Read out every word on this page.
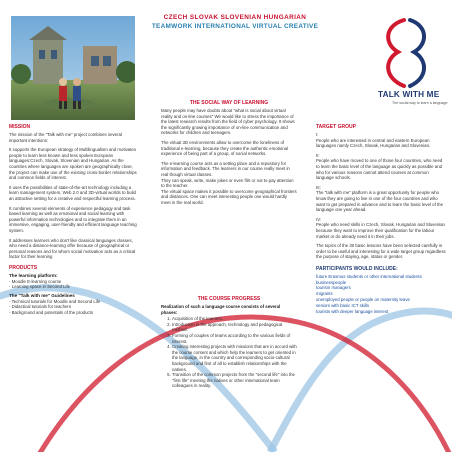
CZECH SLOVAK SLOVENIAN HUNGARIAN
TEAMWORK INTERNATIONAL VIRTUAL CREATIVE
TALK WITH ME
The social way to learn a language
MISSION

The mission of the "Talk with me" project combines several important intentions:

It supports the European strategy of Multilingualism and motivates people to learn less known and less spoken European languages:Czech, Slovak, Slovenian and Hungarian. As the countries where languages are spoken are geographically close, the project can make use of the existing cross-border relationships and common fields of interest.

It uses the possibilities of state-of-the-art technology including a learn management system, Web 2.0 and 3D-virtual worlds to build an attractive setting for a creative and respectful learning process.

It combines several elements of experience pedagogy and task based learning as well as emotional and social learning with powerful information technologies and to integrate them in an immersive, engaging, user-friendly and efficient language teaching system.

It addresses learners who don't like classical languages classes, who need a distance-learning offer because of geographical or personal reasons and for whom social motivation acts as a critical factor for their learning

PRODUCTS
The learning platform:
- Moodle E-learning course
- Learning space in Second Life
The "Talk with me" Guidelines
- Technical tutorials for Moodle and Second Life
- Didactical tutorials for teachers
- Background and potentials of the products
THE SOCIAL WAY OF LEARNING

Many people may have doubts about "what is social about virtual reality and on-line courses" We would like to stress the importance of the latest research results from the field of cyber psychology. It shows the significantly growing importance of on-line communication and networks for children and teenagers.

The virtual 3D environments allow to overcome the loneliness of traditional e-learning, because they create the authentic emotional experience of being part of a group, of social networks.

The e-learning course acts as a setting place and a repository for information and feedback. The learners in our course really meet in real though virtual classes.

They can speak, write, make jokes or even flirt or not to pay attention to the teacher.

The virtual space makes it possible to overcome geographical frontiers and distances. One can meet interesting people one would hardly meet in the real world.

THE COURSE PROGRESS
Realization of such a language course consists of several phases:
1. Acquisition of the learners.
2. Introduction in the approach, technology and pedagogical method.
3. Forming of couples of teams according to the various fields of interest.
4. Creating interesting projects with missions that are in accord with the course content and which help the learners to get oriented in the language, in the country and corresponding socio-cultural background and first of all to establish relationships with the natives.
5. Transition of the common projects from the "second life" into the "first life" meeting the natives or other international team colleagues in reality.
TARGET GROUP
I:

People who are interested in central and eastern European languages namly Czech, Slovak, Hungarian and Slovenian.

II:

People who have moved to one of those four countries, who need to learn the basic level of the language as quickly as possible and who for various reasons cannot attend courses at common language schools.

III:

The "talk with me" platform is a great opportunity for people who know they are going to live in one of the four countries and who want to get prepared in advance and to learn the basic level of the language one year ahead.

IV:

People who need skills in Czech, Slovak, Hungarian and Slovenian because they want to improve their qualification for the labour market or do already need it in their jobs.

The topics of the 30 basic lessons have been selected carefully in order to be useful and interesting for a wide target group regardless the purpose of staying, age, status or gender.

PARTICIPANTS WOULD INCLUDE:
future Erasmus students or other international students
businesspeople
tourism managers
migrants
unemployed people or people on maternity leave
seniors with basic ICT skills
tourists with deeper language interest
